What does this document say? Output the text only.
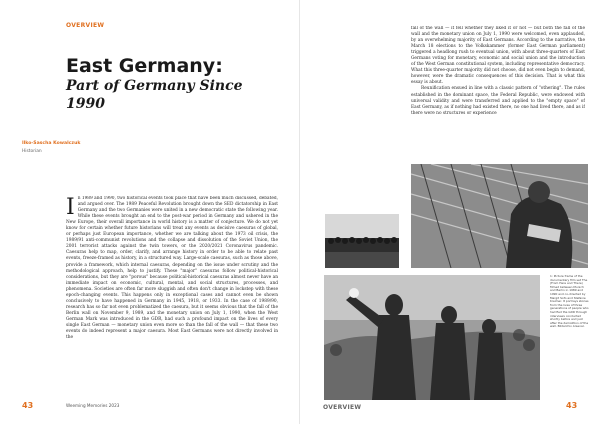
OVERVIEW
East Germany:
Part of Germany Since 1990
Ilko-Sascha Kowalczuk
Historian

In 1989 and 1990, two historical events took place that have been much discussed, debated, and argued over. The 1989 Peaceful Revolution brought down the SED dictatorship in East Germany and the two Germanies were united in a new democratic state the following year. While these events brought an end to the post-war period in Germany and ushered in the New Europe, their overall importance in world history is a matter of conjecture. We do not yet know for certain whether future historians will treat any events as decisive caesuras of global, or perhaps just European importance, whether we are talking about the 1973 oil crisis, the 1989/91 anti-communist revolutions and the collapse and dissolution of the Soviet Union, the 2001 terrorist attacks against the twin towers, or the 2020/2021 Coronavirus pandemic. Caesuras help to map, order, clarify, and arrange history in order to be able to relate past events, freeze-framed as history, in a structured way. Large-scale caesuras, such as those above, provide a framework, which internal caesuras, depending on the issue under scrutiny and the methodological approach, help to justify. These "major" caesuras follow political-historical considerations, but they are "porous" because political-historical caesuras almost never have an immediate impact on economic, cultural, mental, and social structures, processes, and phenomena. Societies are often far more sluggish and often don't change in lockstep with these epoch-changing events. This happens only in exceptional cases and cannot even be shown conclusively to have happened in Germany in 1945, 1918, or 1933. In the case of 1989/90, research has so far not even problematized the caesura, but it seems obvious that the fall of the Berlin wall on November 9, 1989, and the monetary union on July 1, 1990, when the West German Mark was introduced in the GDR, had such a profound impact on the lives of every single East German — monetary union even more so than the fall of the wall — that these two events do indeed represent a major caesura. Most East Germans were not directly involved in the

43	Weeming Memories 2023

fall of the wall — it fell whether they liked it or not — but both the fall of the wall and the monetary union on July 1, 1990 were welcomed, even applauded, by an overwhelming majority of East Germans. According to the narrative, the March 18 elections to the Volkskammer (former East German parliament) triggered a headlong rush to eventual union, with about three-quarters of East Germans voting for monetary, economic and social union and the introduction of the West German constitutional system, including representative democracy. What this three-quarter majority did not choose, did not even begin to demand, however, were the dramatic consequences of this decision. That is what this essay is about.

Reunification ensued in line with a classic pattern of "othering". The rules established in the dominant space, the Federal Republic, were endowed with universal validity and were transferred and applied to the "empty space" of East Germany, as if nothing had existed there, no one had lived there, and as if there were no structures or experience

1: Picture frame of the documentary film set The (From Here and There) filmed between Munich and Berlin in 1989 and 1990 and co-directed by Margit Sofo and Stefanie Kreimer. It portrays stories from the lives of three generations of people who had fled the GDR through interviews conducted shortly before and just after the demolition of the wall. Bildarchiv Arsenal.
OVERVIEW	43
